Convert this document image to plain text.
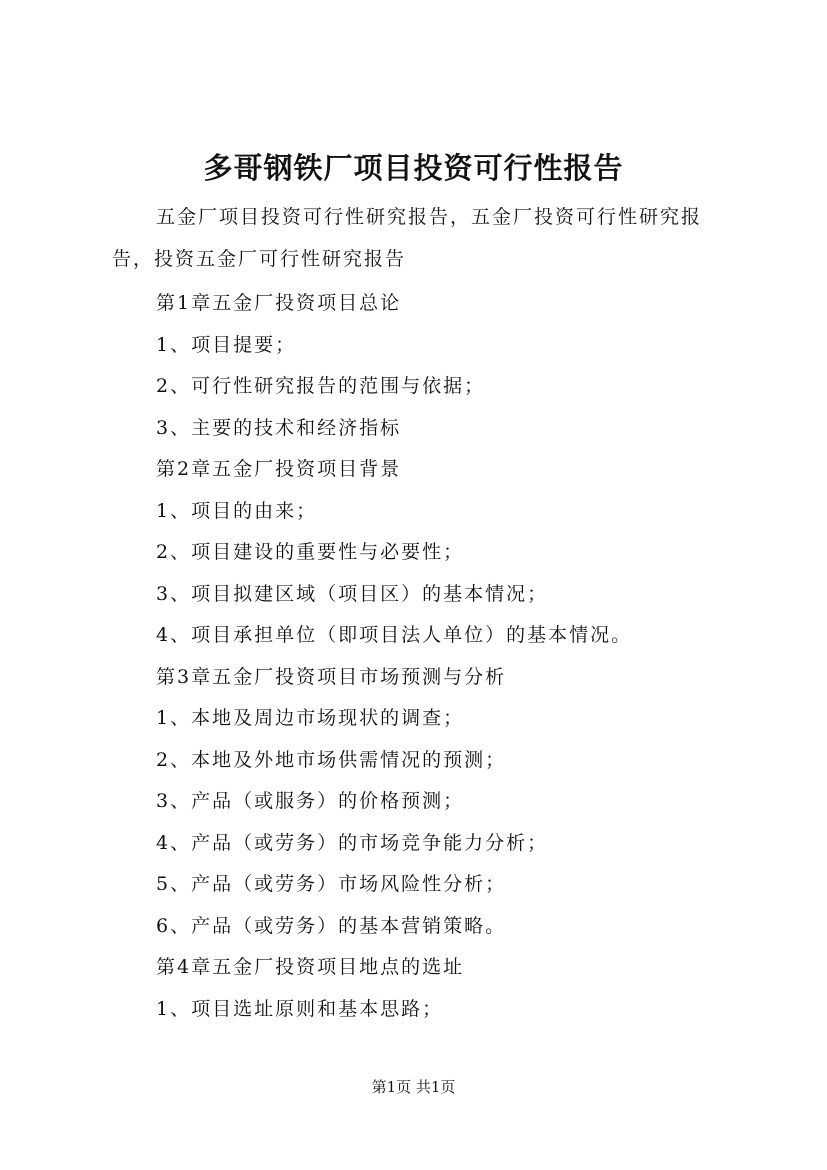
多哥钢铁厂项目投资可行性报告

五金厂项目投资可行性研究报告，五金厂投资可行性研究报告，投资五金厂可行性研究报告

第1章五金厂投资项目总论
1、项目提要；
2、可行性研究报告的范围与依据；
3、主要的技术和经济指标
第2章五金厂投资项目背景
1、项目的由来；
2、项目建设的重要性与必要性；
3、项目拟建区域（项目区）的基本情况；
4、项目承担单位（即项目法人单位）的基本情况。
第3章五金厂投资项目市场预测与分析
1、本地及周边市场现状的调查；
2、本地及外地市场供需情况的预测；
3、产品（或服务）的价格预测；
4、产品（或劳务）的市场竞争能力分析；
5、产品（或劳务）市场风险性分析；
6、产品（或劳务）的基本营销策略。
第4章五金厂投资项目地点的选址
1、项目选址原则和基本思路；
第1页 共1页
